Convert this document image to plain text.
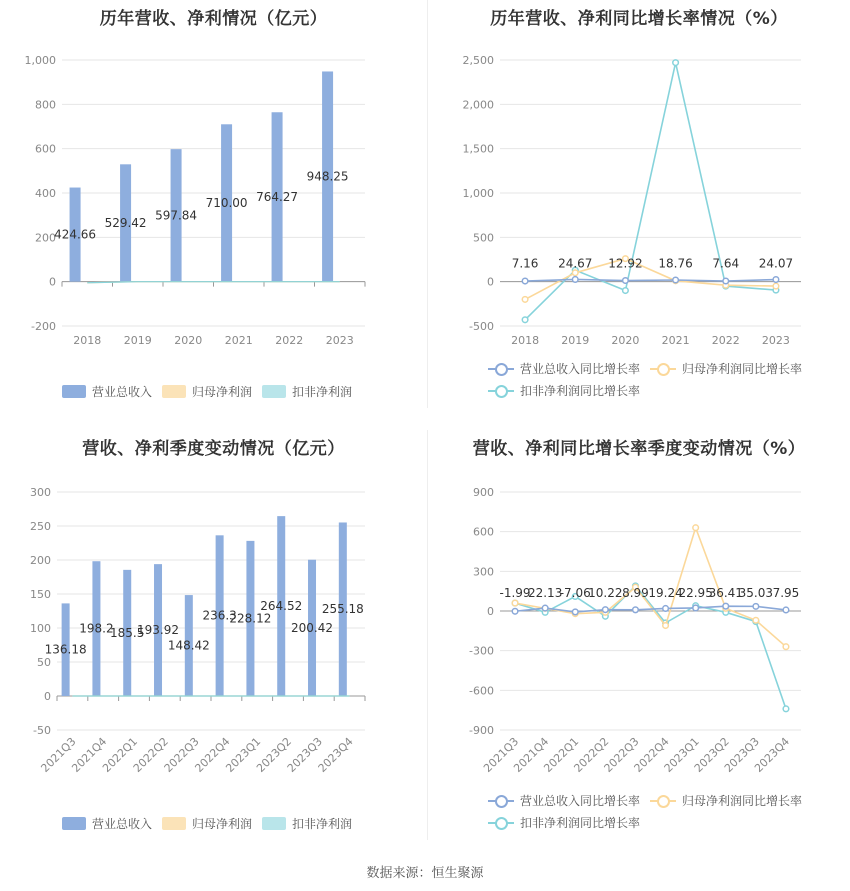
历年营收、净利情况（亿元）
-200
0
200
400
600
800
1,000
2018 2019 2020 2021 2022 2023
424.66
529.42
597.84
710.00 764.27
948.25
营业总收入	归母净利润	扣非净利润
历年营收、净利同比增长率情况（%）
-500
0
500
1,000
1,500
2,000
2,500
2018 2019 2020 2021 2022 2023
7.16 24.67 12.92 18.76 7.64 24.07
营业总收入同比增长率	归母净利润同比增长率
扣非净利润同比增长率
营收、净利季度变动情况（亿元）
-50
0
50
100
150
200
250
300
2021Q3
2021Q4
2022Q1
2022Q2
2022Q3
2022Q4
2023Q1
2023Q2
2023Q3
2023Q4
136.18
198.2
185.5
193.92
148.42
236.3
228.12
264.52
200.42
255.18
营业总收入	归母净利润	扣非净利润
营收、净利同比增长率季度变动情况（%）
-900
-600
-300
0
300
600
900
2021Q3
2021Q4
2022Q1
2022Q2
2022Q3
2022Q4
2023Q1
2023Q2
2023Q3
2023Q4
-1.99
22.13
-7.06
10.22 8.99 19.24
22.95
36.41
35.03 7.95
营业总收入同比增长率	归母净利润同比增长率
扣非净利润同比增长率
数据来源：恒生聚源
